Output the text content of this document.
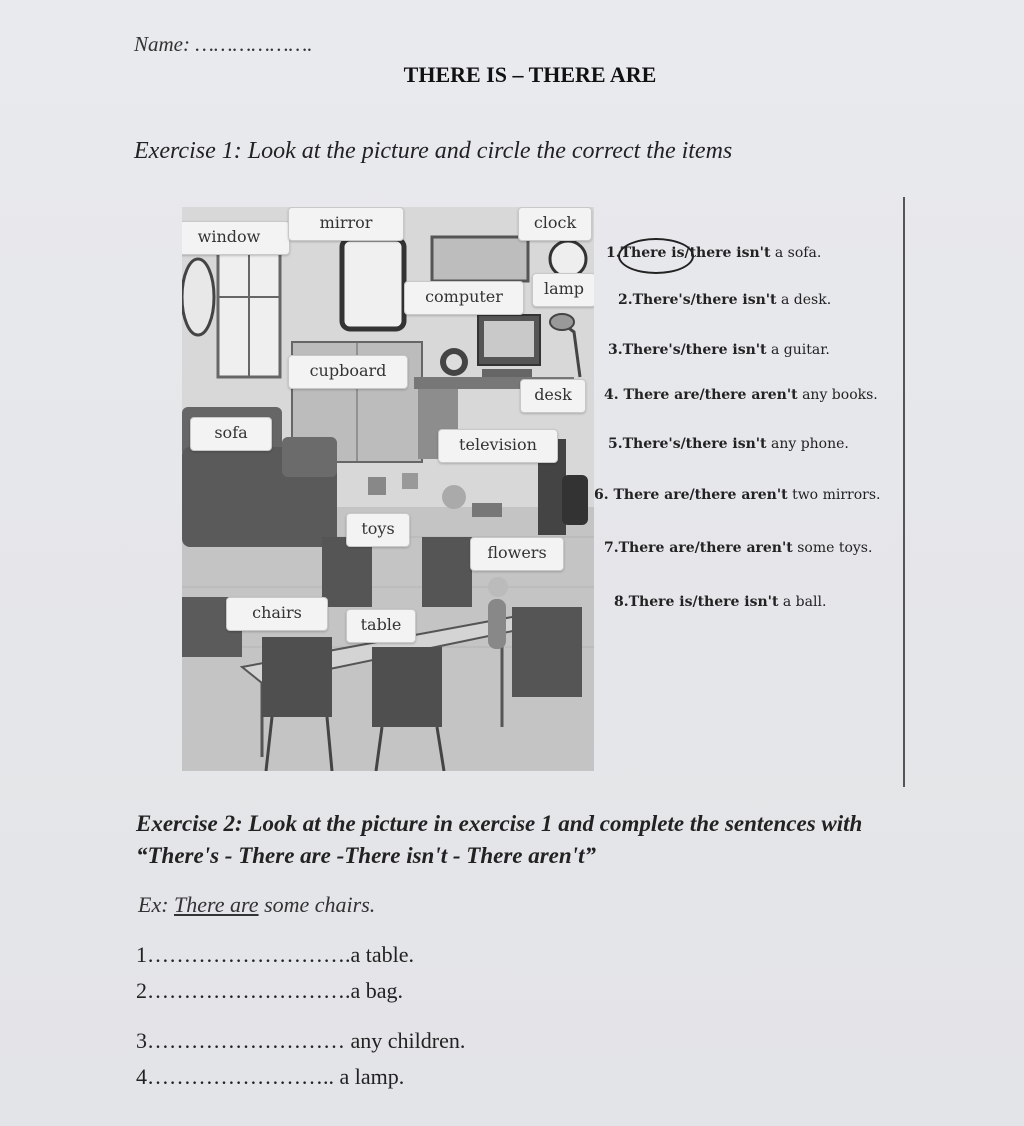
Name: ……………….
THERE IS – THERE ARE
Exercise 1: Look at the picture and circle the correct the items
window
mirror	clock
computer	lamp
cupboard
desk
sofa
television
toys
flowers
chairs
table
1.There is/there isn't a sofa.
2.There's/there isn't a desk.
3.There's/there isn't a guitar.
4. There are/there aren't any books.
5.There's/there isn't any phone.
6. There are/there aren't two mirrors.
7.There are/there aren't some toys.
8.There is/there isn't a ball.
Exercise 2: Look at the picture in exercise 1 and complete the sentences with “There's - There are -There isn't - There aren't”
Ex: There are some chairs.
1……………………….a table.
2……………………….a bag.
3……………………… any children.
4…………………….. a lamp.
